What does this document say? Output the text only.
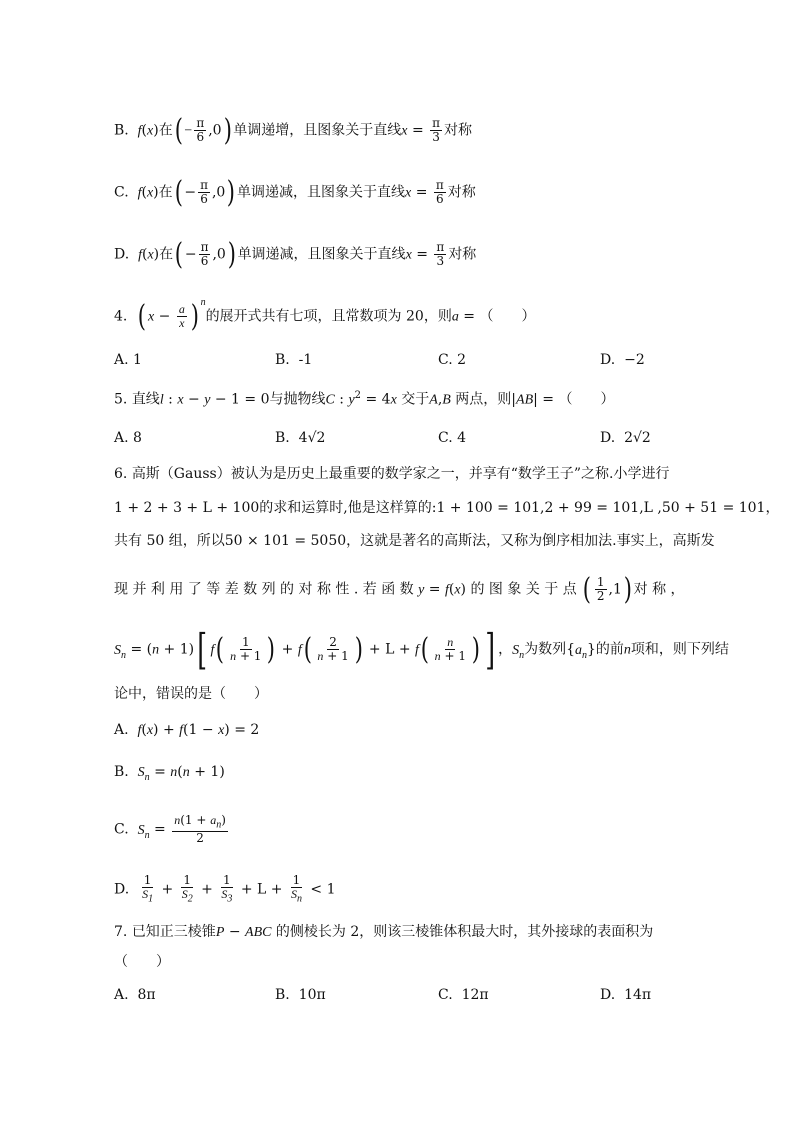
B. f(x)在( − $\frac{\pi}{6} ,0$) 单调递增，且图象关于直线$x = \frac{\pi}{3}$ 对称
C. f(x)在( − $\frac{\pi}{6} ,0$) 单调递减，且图象关于直线$x = \frac{\pi}{6}$ 对称
D. f(x)在( − $\frac{\pi}{6} ,0$) 单调递减，且图象关于直线$x = \frac{\pi}{3}$ 对称
4. ( $x - \frac{a}{x}$ ) $^n$的展开式共有七项，且常数项为 20，则a = （　　）
A. 1	B. -1	C. 2	D. −2
5. 直线l : x − y − 1 = 0与抛物线C : $y^2 = 4x$ 交于A,B 两点，则|AB| = （　　）
A. 8	B. 4√2	C. 4	D. 2√2
6. 高斯（Gauss）被认为是历史上最重要的数学家之一，并享有“数学王子”之称.小学进行
1 + 2 + 3 + L + 100的求和运算时,他是这样算的:1 + 100 = 101,2 + 99 = 101,L ,50 + 51 = 101，
共有 50 组，所以50 × 101 = 5050，这就是著名的高斯法，又称为倒序相加法.事实上，高斯发
现 并 利 用 了 等 差 数 列 的 对 称 性 . 若 函 数 y = f(x) 的 图 象 关 于 点 ( $\frac{1}{2} ,1$) 对 称 ，
$S_n = (n + 1)$[ $f( \frac{1}{n + 1}$ ) + $f( \frac{2}{n + 1}$ ) + $L + f( \frac{n}{n + 1}$ ) ] ，$S_n$为数列$\{a_n\}$的前n项和，则下列结
论中，错误的是（　　）
A. f(x) + f(1 − x) = 2
B. $S_n = n(n + 1)$
C. $S_n = \frac{n(1 + a_n)}{2}$
D. $\frac{1}{S_1} + \frac{1}{S_2} + \frac{1}{S_3} + L + \frac{1}{S_n} < 1$
7. 已知正三棱锥P − ABC 的侧棱长为 2，则该三棱锥体积最大时，其外接球的表面积为
（　　）
A. 8π	B. 10π	C. 12π	D. 14π
